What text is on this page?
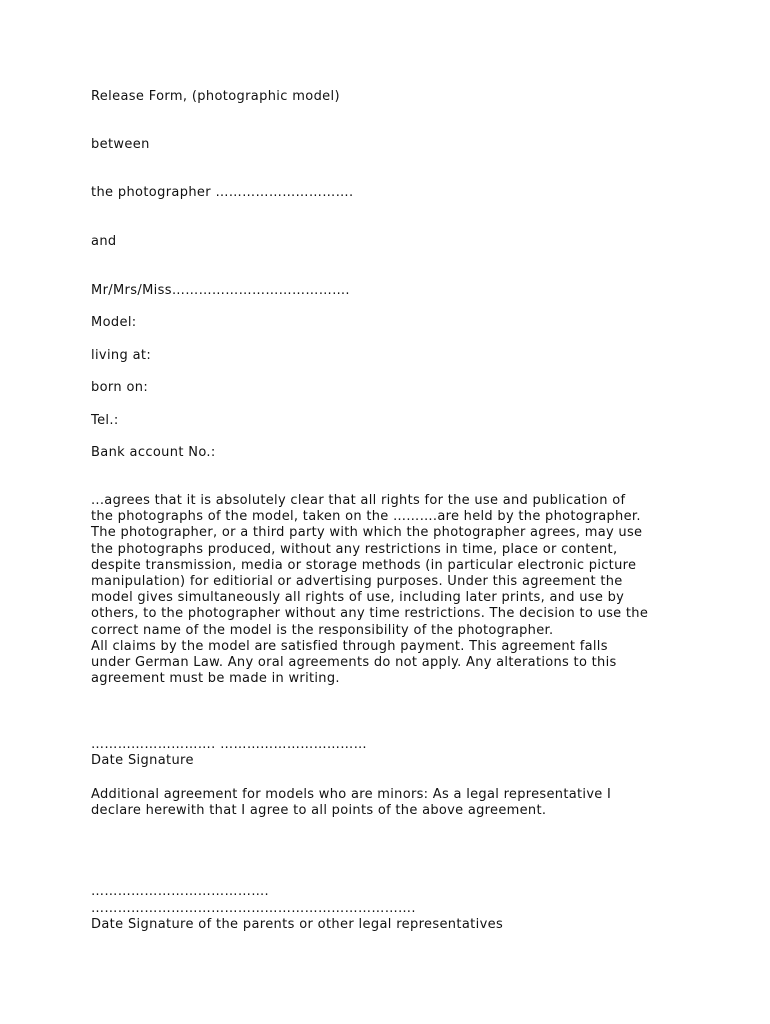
Release Form, (photographic model)

between

the photographer ………………………….

and

Mr/Mrs/Miss………………………………….

Model:

living at:

born on:

Tel.:

Bank account No.:

...agrees that it is absolutely clear that all rights for the use and publication of
the photographs of the model, taken on the ……….are held by the photographer.
The photographer, or a third party with which the photographer agrees, may use
the photographs produced, without any restrictions in time, place or content,
despite transmission, media or storage methods (in particular electronic picture
manipulation) for editiorial or advertising purposes. Under this agreement the
model gives simultaneously all rights of use, including later prints, and use by
others, to the photographer without any time restrictions. The decision to use the
correct name of the model is the responsibility of the photographer.
All claims by the model are satisfied through payment. This agreement falls
under German Law. Any oral agreements do not apply. Any alterations to this
agreement must be made in writing.

………………………. ……………………………

Date Signature

Additional agreement for models who are minors: As a legal representative I
declare herewith that I agree to all points of the above agreement.

………………………………….

……………………………………………………………….

Date Signature of the parents or other legal representatives
